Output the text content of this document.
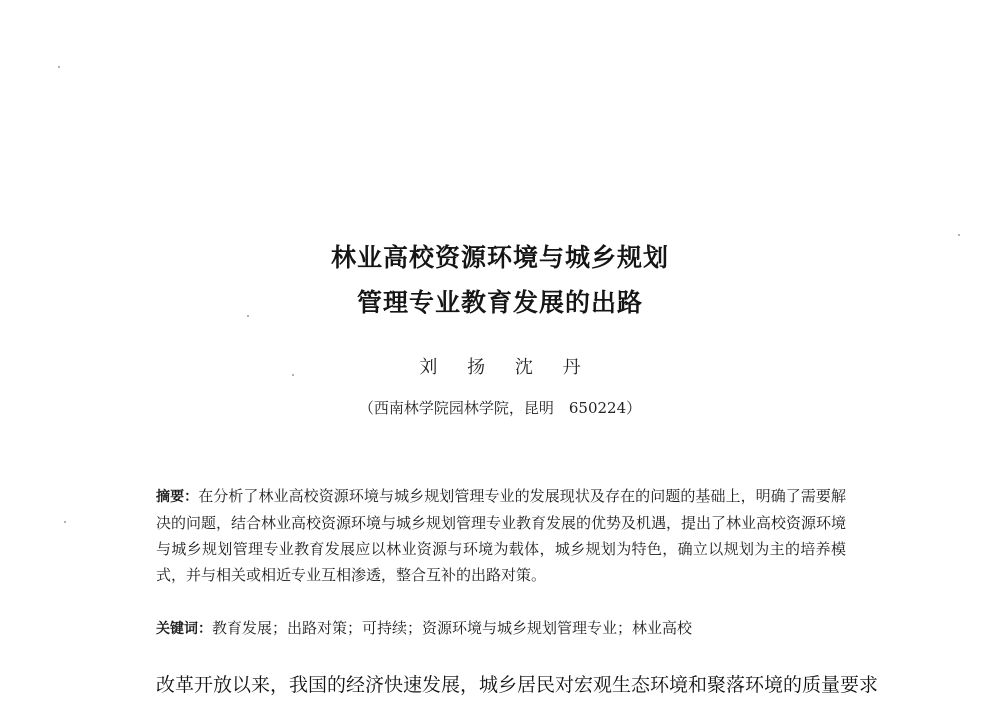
林业高校资源环境与城乡规划
管理专业教育发展的出路
刘 扬 沈 丹
（西南林学院园林学院，昆明　650224）
摘要：在分析了林业高校资源环境与城乡规划管理专业的发展现状及存在的问题的基础上，明确了需要解决的问题，结合林业高校资源环境与城乡规划管理专业教育发展的优势及机遇，提出了林业高校资源环境与城乡规划管理专业教育发展应以林业资源与环境为载体，城乡规划为特色，确立以规划为主的培养模式，并与相关或相近专业互相渗透，整合互补的出路对策。
关键词：教育发展；出路对策；可持续；资源环境与城乡规划管理专业；林业高校
改革开放以来，我国的经济快速发展，城乡居民对宏观生态环境和聚落环境的质量要求
